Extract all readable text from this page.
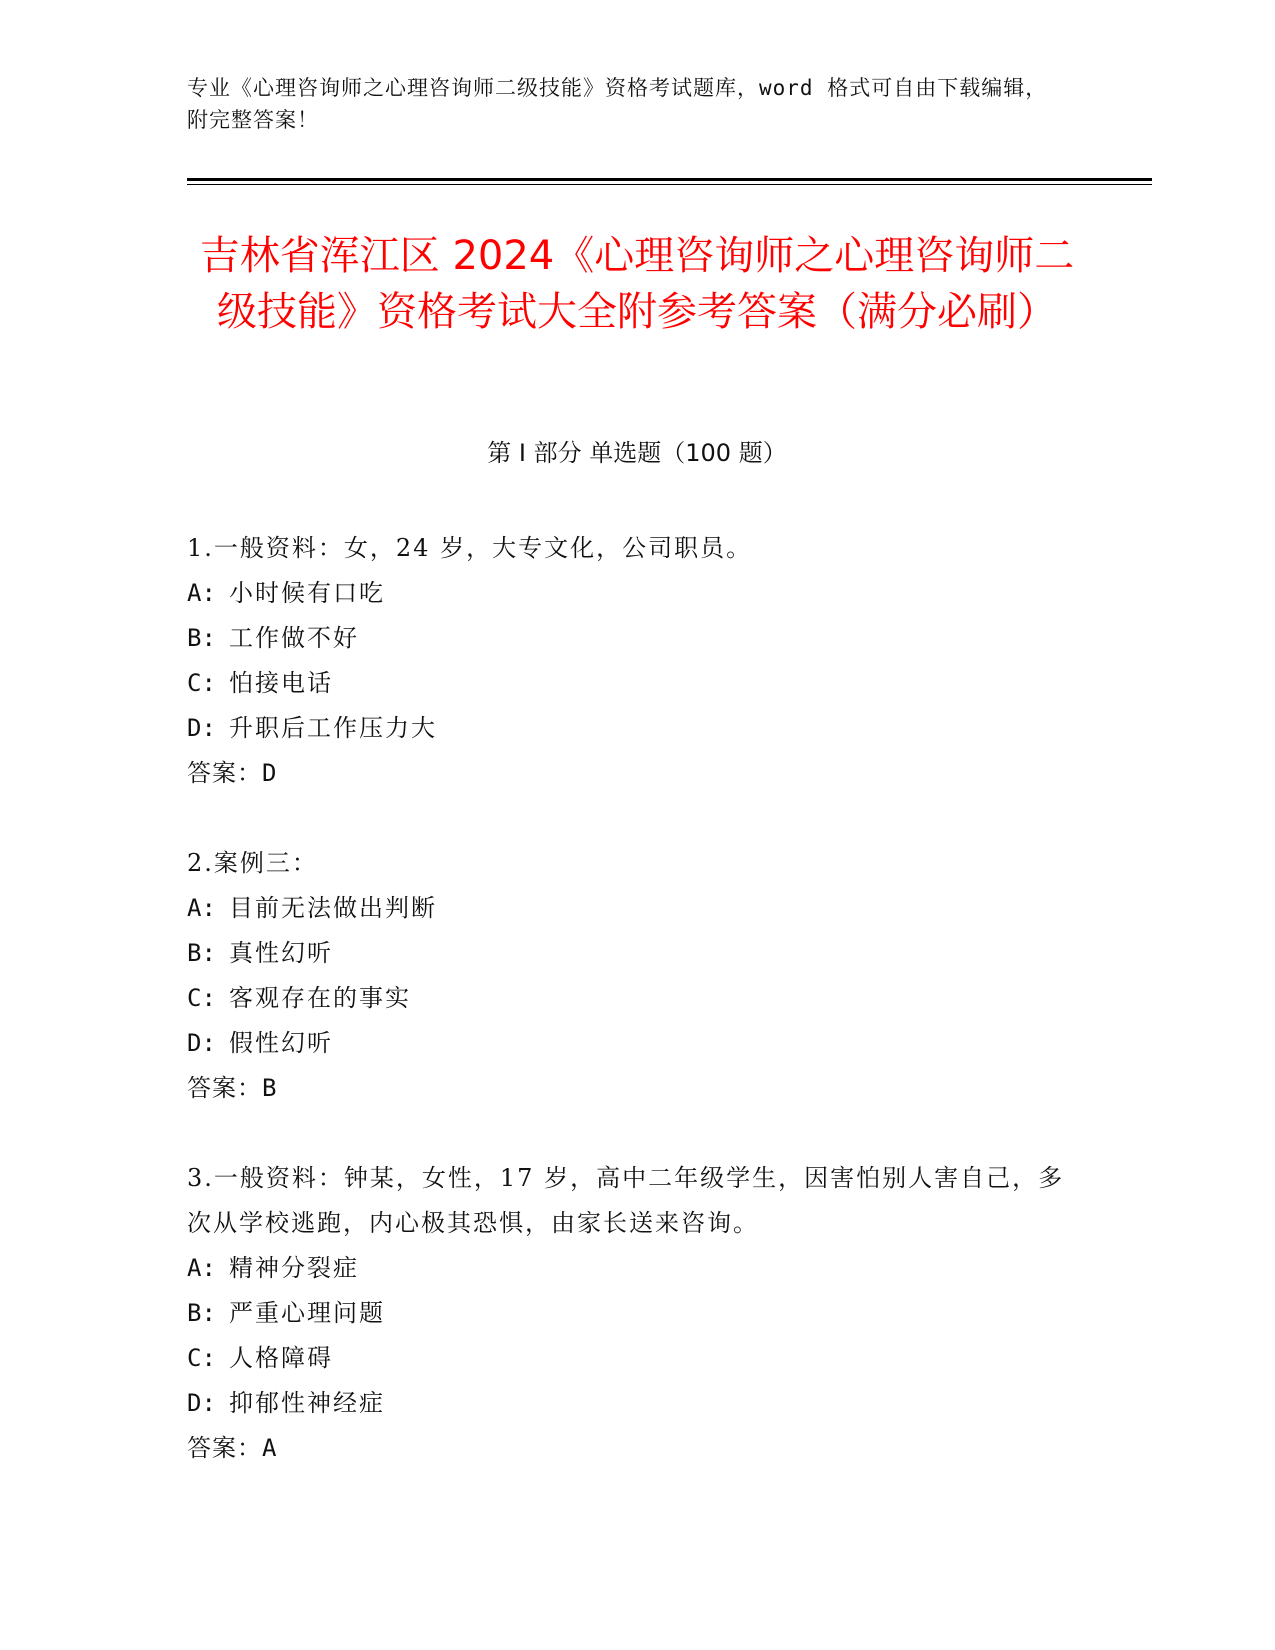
专业《心理咨询师之心理咨询师二级技能》资格考试题库，word 格式可自由下载编辑，附完整答案！
吉林省浑江区 2024《心理咨询师之心理咨询师二级技能》资格考试大全附参考答案（满分必刷）
第 I 部分 单选题（100 题）
1.一般资料：女，24 岁，大专文化，公司职员。
A: 小时候有口吃
B: 工作做不好
C: 怕接电话
D: 升职后工作压力大
答案：D
2.案例三：
A: 目前无法做出判断
B: 真性幻听
C: 客观存在的事实
D: 假性幻听
答案：B
3.一般资料：钟某，女性，17 岁，高中二年级学生，因害怕别人害自己，多次从学校逃跑，内心极其恐惧，由家长送来咨询。
A: 精神分裂症
B: 严重心理问题
C: 人格障碍
D: 抑郁性神经症
答案：A
